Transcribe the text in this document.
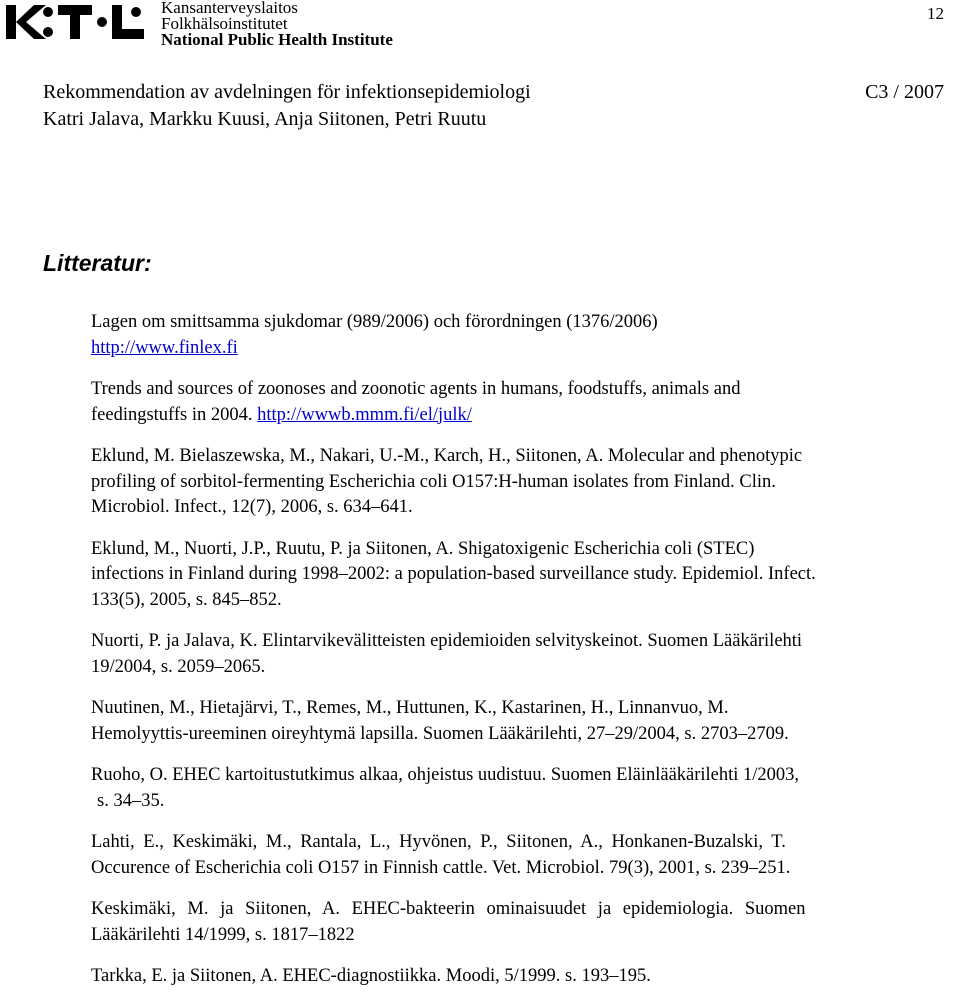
Kansanterveyslaitos
Folkhälsoinstitutet
National Public Health Institute
12
Rekommendation av avdelningen för infektionsepidemiologi	C3 / 2007
Katri Jalava, Markku Kuusi, Anja Siitonen, Petri Ruutu
Litteratur:
Lagen om smittsamma sjukdomar (989/2006) och förordningen (1376/2006)
http://www.finlex.fi
Trends and sources of zoonoses and zoonotic agents in humans, foodstuffs, animals and
feedingstuffs in 2004. http://wwwb.mmm.fi/el/julk/
Eklund, M. Bielaszewska, M., Nakari, U.-M., Karch, H., Siitonen, A. Molecular and phenotypic
profiling of sorbitol-fermenting Escherichia coli O157:H-human isolates from Finland. Clin.
Microbiol. Infect., 12(7), 2006, s. 634–641.
Eklund, M., Nuorti, J.P., Ruutu, P. ja Siitonen, A. Shigatoxigenic Escherichia coli (STEC)
infections in Finland during 1998–2002: a population-based surveillance study. Epidemiol. Infect.
133(5), 2005, s. 845–852.
Nuorti, P. ja Jalava, K. Elintarvikevälitteisten epidemioiden selvityskeinot. Suomen Lääkärilehti
19/2004, s. 2059–2065.
Nuutinen, M., Hietajärvi, T., Remes, M., Huttunen, K., Kastarinen, H., Linnanvuo, M.
Hemolyyttis-ureeminen oireyhtymä lapsilla. Suomen Lääkärilehti, 27–29/2004, s. 2703–2709.
Ruoho, O. EHEC kartoitustutkimus alkaa, ohjeistus uudistuu. Suomen Eläinlääkärilehti 1/2003,
s. 34–35.
Lahti, E., Keskimäki, M., Rantala, L., Hyvönen, P., Siitonen, A., Honkanen-Buzalski, T.
Occurence of Escherichia coli O157 in Finnish cattle. Vet. Microbiol. 79(3), 2001, s. 239–251.
Keskimäki, M. ja Siitonen, A. EHEC-bakteerin ominaisuudet ja epidemiologia. Suomen
Lääkärilehti 14/1999, s. 1817–1822
Tarkka, E. ja Siitonen, A. EHEC-diagnostiikka. Moodi, 5/1999. s. 193–195.
